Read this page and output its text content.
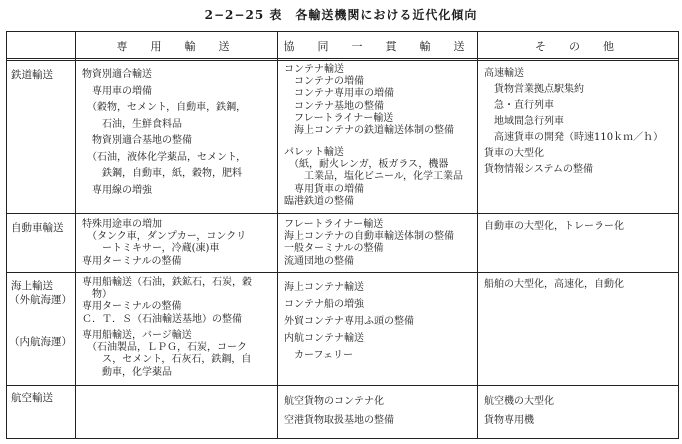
2−2−25 表　各輸送機関における近代化傾向
専　用　輸　送	協　同　一　貫　輸　送	そ　の　他
鉄道輸送
自動車輸送
海上輸送
（外航海運）
（内航海運）
航空輸送
物資別適合輸送
　専用車の増備
　（穀物，セメント，自動車，鉄鋼，
　　石油，生鮮食料品
　物資別適合基地の整備
　（石油，液体化学薬品，セメント，
　　鉄鋼，自動車，紙，穀物，肥料
　専用線の増強
コンテナ輸送
　コンテナの増備
　コンテナ専用車の増備
　コンテナ基地の整備
　フレートライナー輸送
　海上コンテナの鉄道輸送体制の整備
パレット輸送
　（紙，耐火レンガ，板ガラス，機器
　　工業品，塩化ビニール，化学工業品
　専用貨車の増備
臨港鉄道の整備
高速輸送
　貨物営業拠点駅集約
　急・直行列車
　地域間急行列車
　高速貨車の開発（時速110ｋｍ／ｈ）
貨車の大型化
貨物情報システムの整備
特殊用途車の増加
　（タンク車，ダンプカー，コンクリ
　　ートミキサー，冷蔵(凍)車
専用ターミナルの整備
フレートライナー輸送
海上コンテナの自動車輸送体制の整備
一般ターミナルの整備
流通団地の整備
自動車の大型化，トレーラー化
専用船輸送（石油，鉄鉱石，石炭，穀
　物）
専用ターミナルの整備
Ｃ．Ｔ．Ｓ（石油輸送基地）の整備
専用船輸送，バージ輸送
　（石油製品，ＬＰＧ，石炭，コーク
　　ス，セメント，石灰石，鉄鋼，自
　　動車，化学薬品
海上コンテナ輸送
コンテナ船の増強
外貿コンテナ専用ふ頭の整備
内航コンテナ輸送
　カーフェリー
船舶の大型化，高速化，自動化
航空貨物のコンテナ化
空港貨物取扱基地の整備
航空機の大型化
貨物専用機
